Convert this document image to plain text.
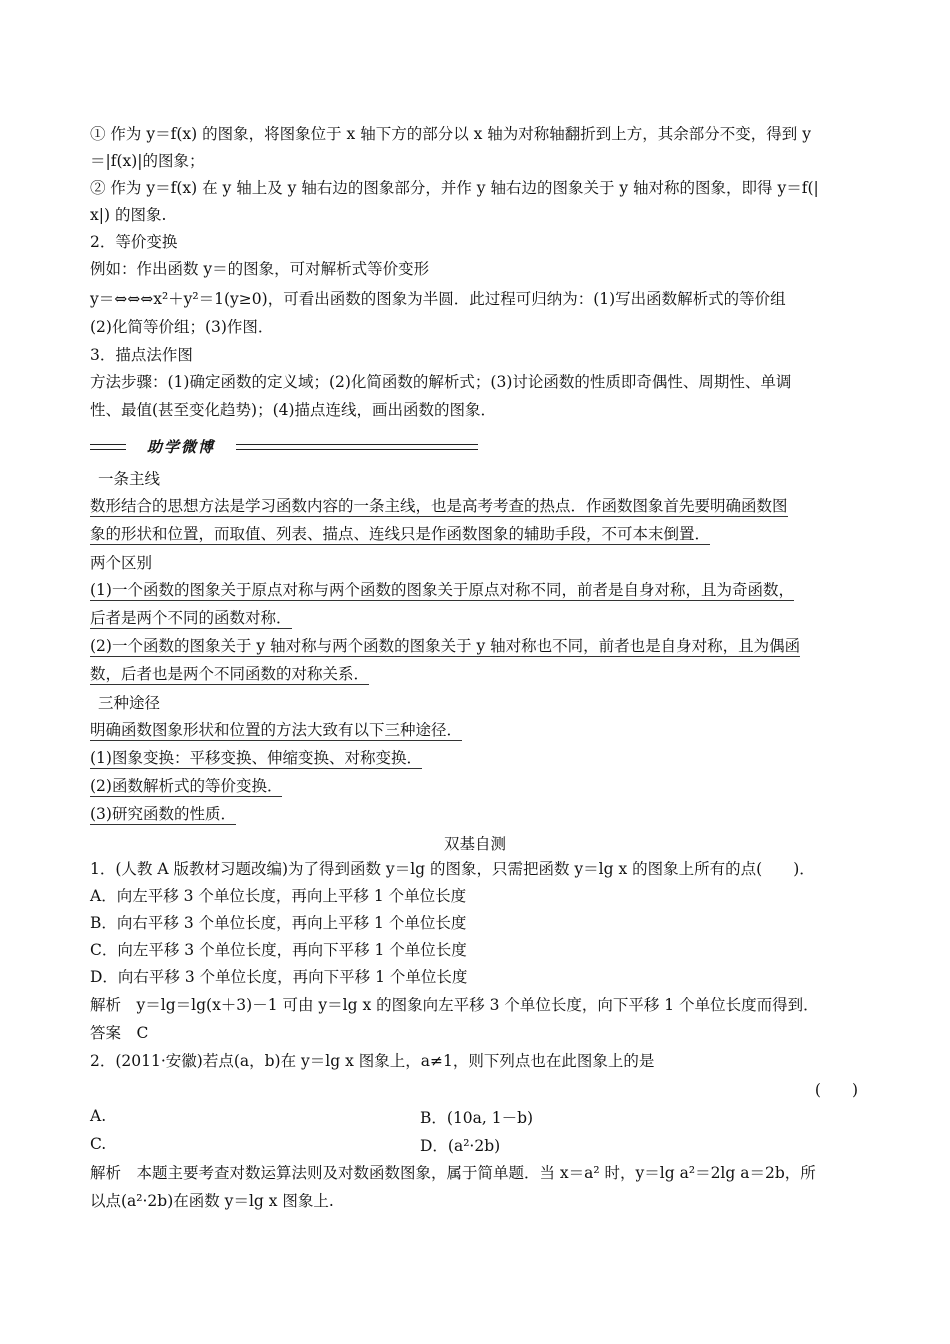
① 作为 y＝f(x) 的图象，将图象位于 x 轴下方的部分以 x 轴为对称轴翻折到上方，其余部分不变，得到 y
＝|f(x)|的图象；
② 作为 y＝f(x) 在 y 轴上及 y 轴右边的图象部分，并作 y 轴右边的图象关于 y 轴对称的图象，即得 y＝f(|
x|) 的图象.
2．等价变换
例如：作出函数 y＝的图象，可对解析式等价变形
y＝⇔⇔⇔x²＋y²＝1(y≥0)，可看出函数的图象为半圆．此过程可归纳为：(1)写出函数解析式的等价组
(2)化简等价组；(3)作图．
3．描点法作图
方法步骤：(1)确定函数的定义域；(2)化简函数的解析式；(3)讨论函数的性质即奇偶性、周期性、单调
性、最值(甚至变化趋势)；(4)描点连线，画出函数的图象．
助学微博
一条主线
数形结合的思想方法是学习函数内容的一条主线，也是高考考查的热点．作函数图象首先要明确函数图
象的形状和位置，而取值、列表、描点、连线只是作函数图象的辅助手段，不可本末倒置．
两个区别
(1)一个函数的图象关于原点对称与两个函数的图象关于原点对称不同，前者是自身对称，且为奇函数，
后者是两个不同的函数对称．
(2)一个函数的图象关于 y 轴对称与两个函数的图象关于 y 轴对称也不同，前者也是自身对称，且为偶函
数，后者也是两个不同函数的对称关系．
三种途径
明确函数图象形状和位置的方法大致有以下三种途径．
(1)图象变换：平移变换、伸缩变换、对称变换．
(2)函数解析式的等价变换．
(3)研究函数的性质．
双基自测
1．(人教 A 版教材习题改编)为了得到函数 y＝lg 的图象，只需把函数 y＝lg x 的图象上所有的点(　　)．
A．向左平移 3 个单位长度，再向上平移 1 个单位长度
B．向右平移 3 个单位长度，再向上平移 1 个单位长度
C．向左平移 3 个单位长度，再向下平移 1 个单位长度
D．向右平移 3 个单位长度，再向下平移 1 个单位长度
解析　y＝lg＝lg(x＋3)－1 可由 y＝lg x 的图象向左平移 3 个单位长度，向下平移 1 个单位长度而得到．
答案　C
2．(2011·安徽)若点(a，b)在 y＝lg x 图象上，a≠1，则下列点也在此图象上的是
(　　)
A.	B．(10a, 1－b)
C.	D．(a²·2b)
解析　本题主要考查对数运算法则及对数函数图象，属于简单题．当 x＝a² 时，y＝lg a²＝2lg a＝2b，所
以点(a²·2b)在函数 y＝lg x 图象上.
